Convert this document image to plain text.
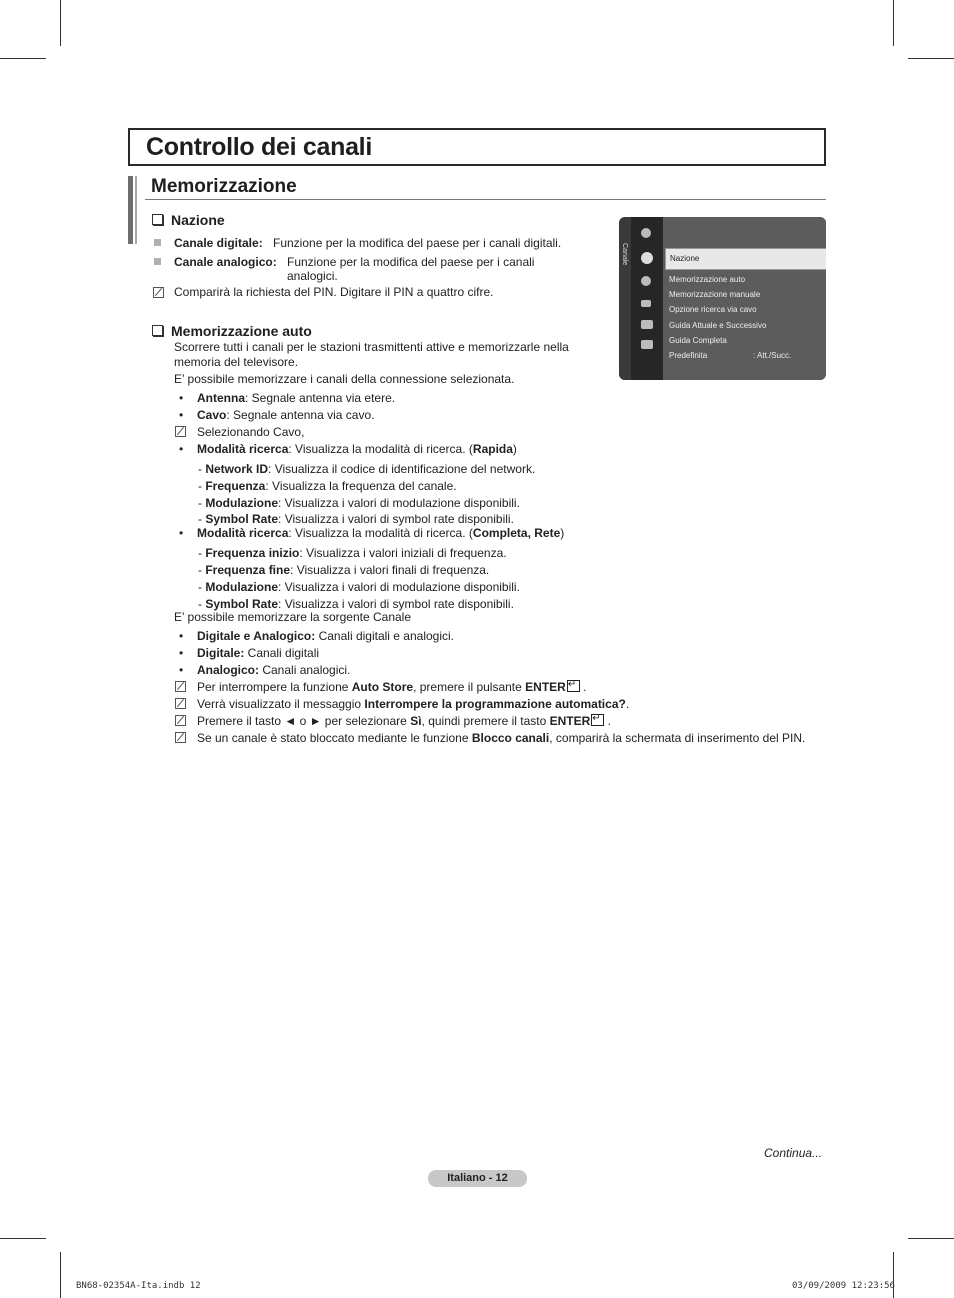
Controllo dei canali
Memorizzazione
Nazione
Canale digitale: Funzione per la modifica del paese per i canali digitali.
Canale analogico: Funzione per la modifica del paese per i canali
analogici.
Comparirà la richiesta del PIN. Digitare il PIN a quattro cifre.
Memorizzazione auto
Scorrere tutti i canali per le stazioni trasmittenti attive e memorizzarle nella
memoria del televisore.
E’ possibile memorizzare i canali della connessione selezionata.
• Antenna: Segnale antenna via etere.
• Cavo: Segnale antenna via cavo.
Selezionando Cavo,
• Modalità ricerca: Visualizza la modalità di ricerca. (Rapida)
- Network ID: Visualizza il codice di identificazione del network.
- Frequenza: Visualizza la frequenza del canale.
- Modulazione: Visualizza i valori di modulazione disponibili.
- Symbol Rate: Visualizza i valori di symbol rate disponibili.
• Modalità ricerca: Visualizza la modalità di ricerca. (Completa, Rete)
- Frequenza inizio: Visualizza i valori iniziali di frequenza.
- Frequenza fine: Visualizza i valori finali di frequenza.
- Modulazione: Visualizza i valori di modulazione disponibili.
- Symbol Rate: Visualizza i valori di symbol rate disponibili.
E’ possibile memorizzare la sorgente Canale
• Digitale e Analogico: Canali digitali e analogici.
• Digitale: Canali digitali
• Analogico: Canali analogici.
Per interrompere la funzione Auto Store, premere il pulsante ENTER↵ .
Verrà visualizzato il messaggio Interrompere la programmazione automatica?.
Premere il tasto ◄ o ► per selezionare Sì, quindi premere il tasto ENTER↵ .
Se un canale è stato bloccato mediante le funzione Blocco canali, comparirà la schermata di inserimento del PIN.
Canale	Nazione
Memorizzazione auto
Memorizzazione manuale
Opzione ricerca via cavo
Guida Attuale e Successivo
Guida Completa
Predefinita	: Att./Succ.
Continua...
Italiano - 12
BN68-02354A-Ita.indb 12	03/09/2009 12:23:56
